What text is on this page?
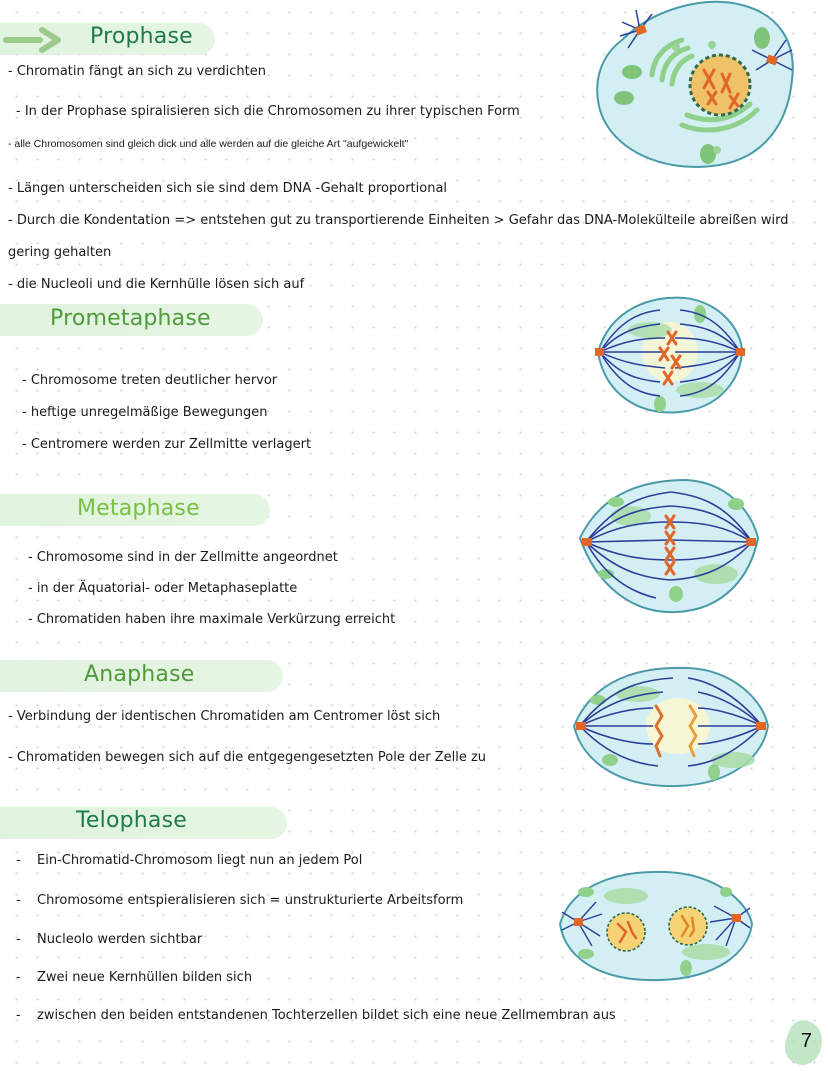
Prophase
- Chromatin fängt an sich zu verdichten
- In der Prophase spiralisieren sich die Chromosomen zu ihrer typischen Form
- alle Chromosomen sind gleich dick und alle werden auf die gleiche Art "aufgewickelt"
- Längen unterscheiden sich sie sind dem DNA -Gehalt proportional
- Durch die Kondentation => entstehen gut zu transportierende Einheiten > Gefahr das DNA-Molekülteile abreißen wird
gering gehalten
- die Nucleoli und die Kernhülle lösen sich auf
Prometaphase
- Chromosome treten deutlicher hervor
- heftige unregelmäßige Bewegungen
- Centromere werden zur Zellmitte verlagert
Metaphase
- Chromosome sind in der Zellmitte angeordnet
- in der Äquatorial- oder Metaphaseplatte
- Chromatiden haben ihre maximale Verkürzung erreicht
Anaphase
- Verbindung der identischen Chromatiden am Centromer löst sich
- Chromatiden bewegen sich auf die entgegengesetzten Pole der Zelle zu
Telophase
- Ein-Chromatid-Chromosom liegt nun an jedem Pol
- Chromosome entspieralisieren sich = unstrukturierte Arbeitsform
- Nucleolo werden sichtbar
- Zwei neue Kernhüllen bilden sich
- zwischen den beiden entstandenen Tochterzellen bildet sich eine neue Zellmembran aus
7
